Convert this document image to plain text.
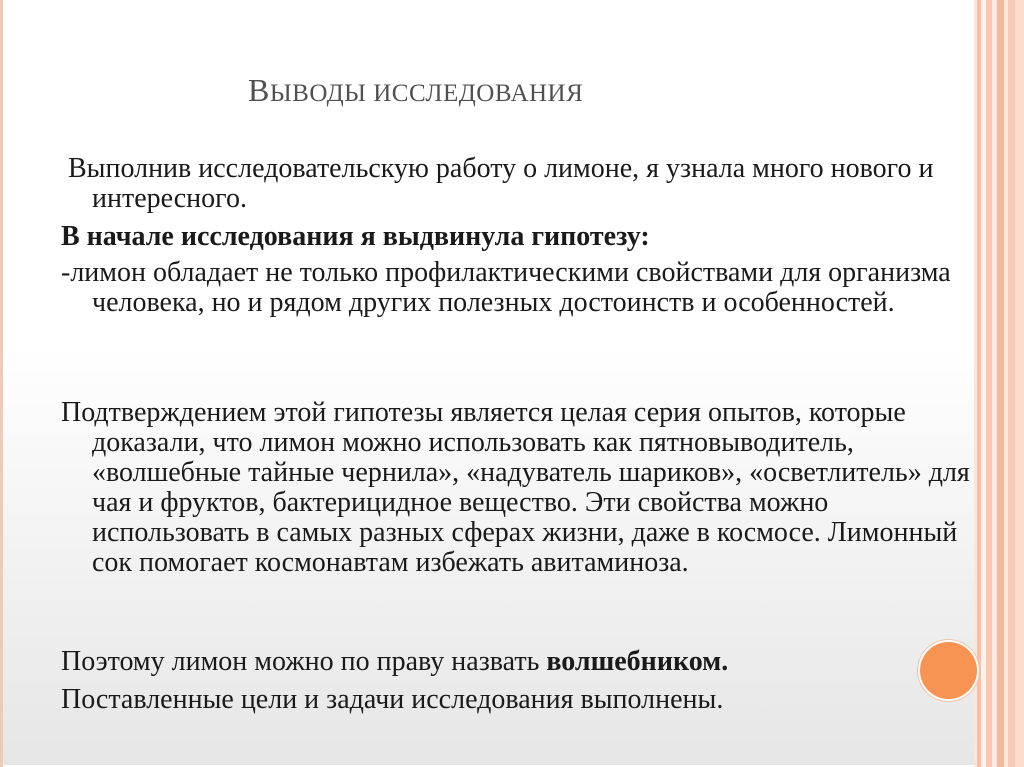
ВЫВОДЫ ИССЛЕДОВАНИЯ

Выполнив исследовательскую работу о лимоне, я узнала много нового и интересного.

В начале исследования я выдвинула гипотезу:

-лимон обладает не только профилактическими свойствами для организма человека, но и рядом других полезных достоинств и особенностей.

Подтверждением этой гипотезы является целая серия опытов, которые доказали, что лимон можно использовать как пятновыводитель, «волшебные тайные чернила», «надуватель шариков», «осветлитель» для чая и фруктов, бактерицидное вещество. Эти свойства можно использовать в самых разных сферах жизни, даже в космосе. Лимонный сок помогает космонавтам избежать авитаминоза.

Поэтому лимон можно по праву назвать волшебником.

Поставленные цели и задачи исследования выполнены.
